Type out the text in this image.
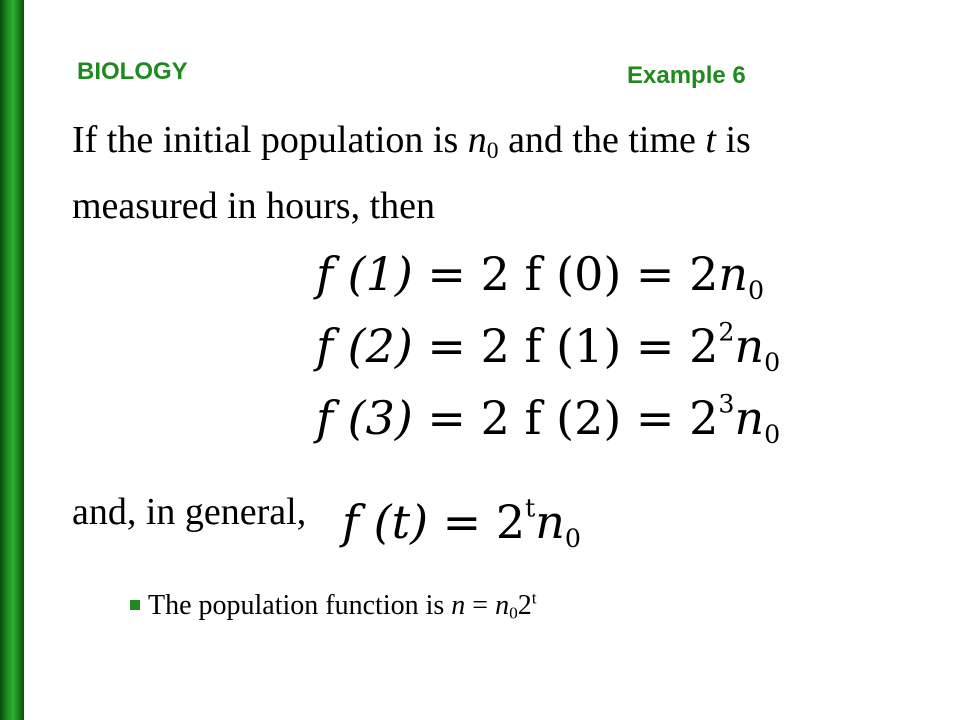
BIOLOGY	Example 6
If the initial population is $n_0$ and the time t is
measured in hours, then
f (1) = 2 f $(0) = 2n_0$
f (2) = 2 f $(1) = 2^2n_0$
f (3) = 2 f $(2) = 2^3n_0$
and, in general, f $(t) = 2^tn_0$
The population function is $n = n_02^t$
